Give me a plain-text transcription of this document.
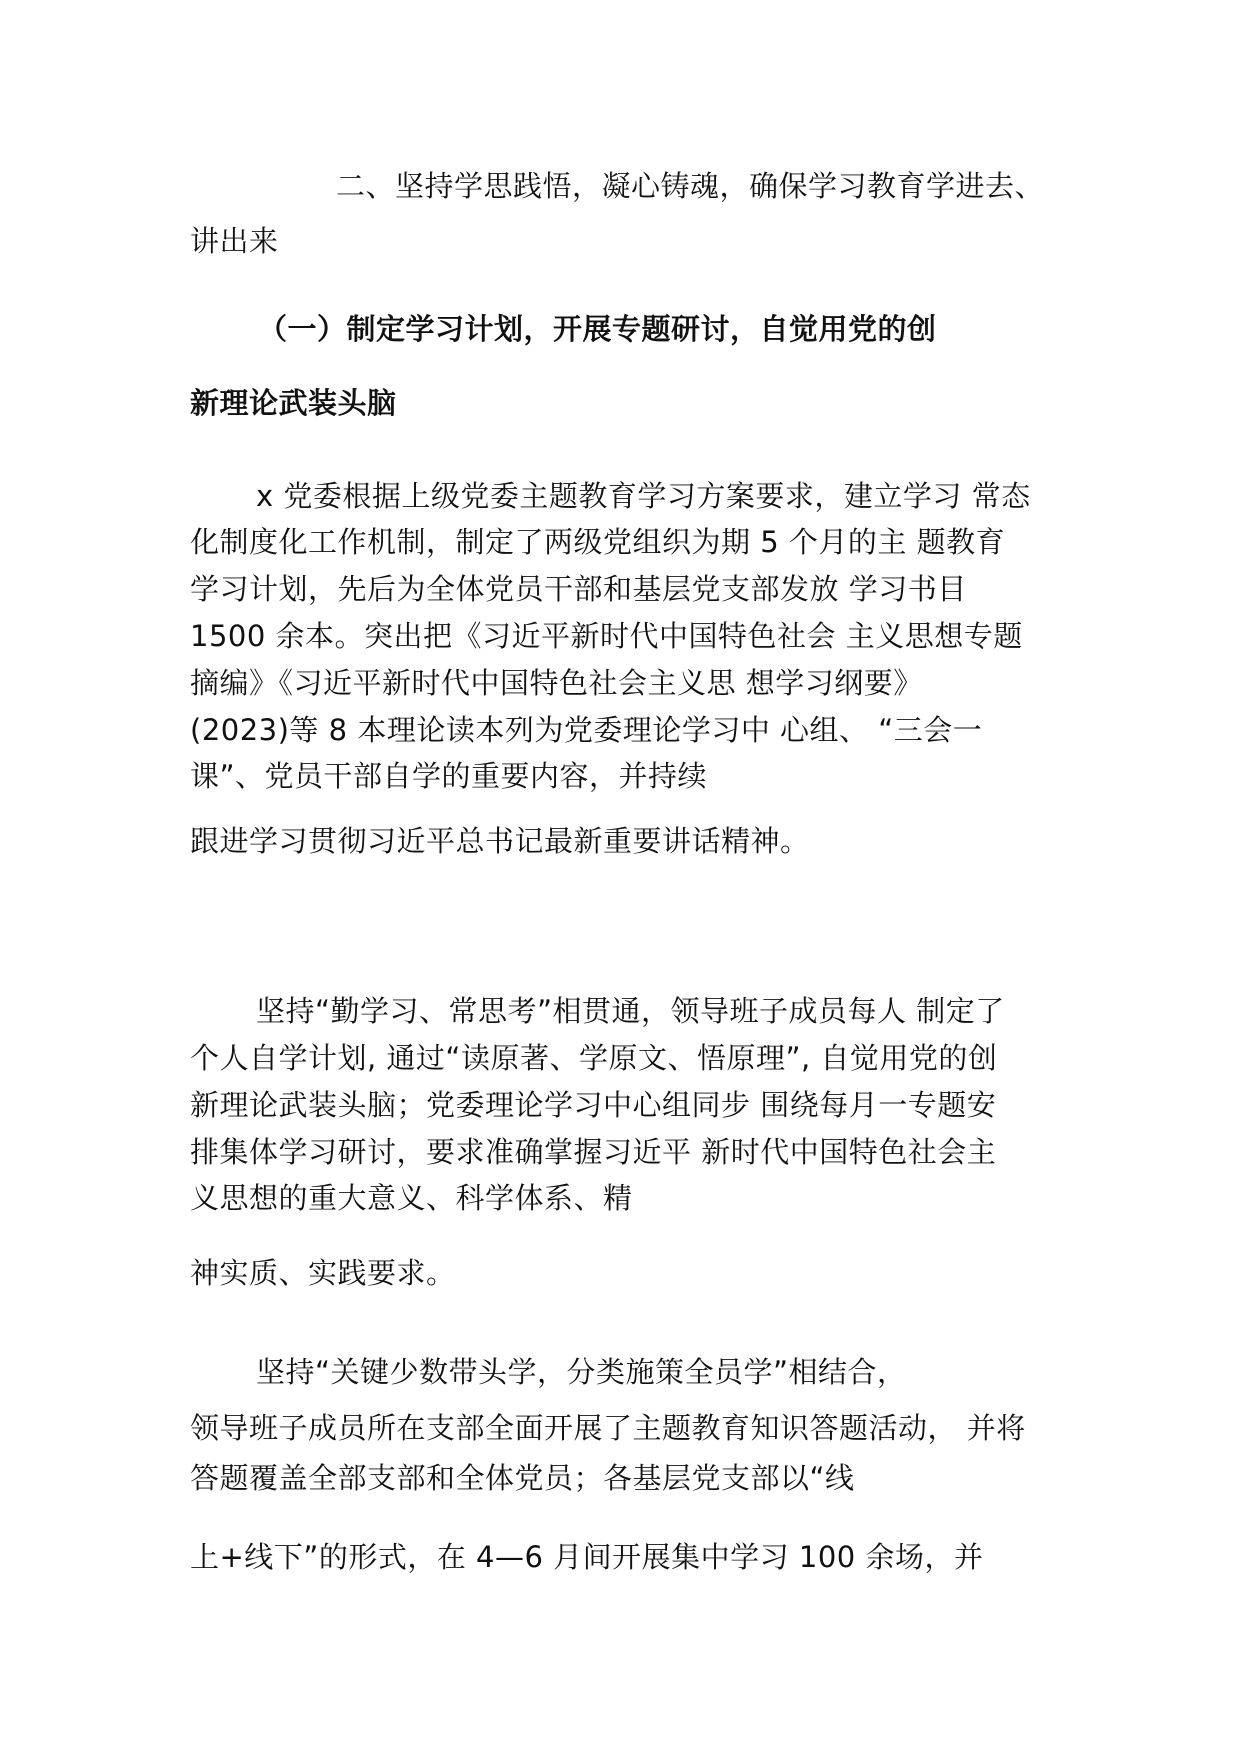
二、坚持学思践悟，凝心铸魂，确保学习教育学进去、
讲出来
（一）制定学习计划，开展专题研讨，自觉用党的创
新理论武装头脑
x 党委根据上级党委主题教育学习方案要求，建立学习 常态
化制度化工作机制，制定了两级党组织为期 5 个月的主 题教育
学习计划，先后为全体党员干部和基层党支部发放 学习书目
1500 余本。突出把《习近平新时代中国特色社会 主义思想专题
摘编》《习近平新时代中国特色社会主义思 想学习纲要》
(2023)等 8 本理论读本列为党委理论学习中 心组、 “三会一
课”、党员干部自学的重要内容，并持续
跟进学习贯彻习近平总书记最新重要讲话精神。
坚持“勤学习、常思考”相贯通，领导班子成员每人 制定了
个人自学计划, 通过“读原著、学原文、悟原理”, 自觉用党的创
新理论武装头脑；党委理论学习中心组同步 围绕每月一专题安
排集体学习研讨，要求准确掌握习近平 新时代中国特色社会主
义思想的重大意义、科学体系、精
神实质、实践要求。
坚持“关键少数带头学，分类施策全员学”相结合，
领导班子成员所在支部全面开展了主题教育知识答题活动， 并将
答题覆盖全部支部和全体党员；各基层党支部以“线
上+线下”的形式，在 4—6 月间开展集中学习 100 余场，并
